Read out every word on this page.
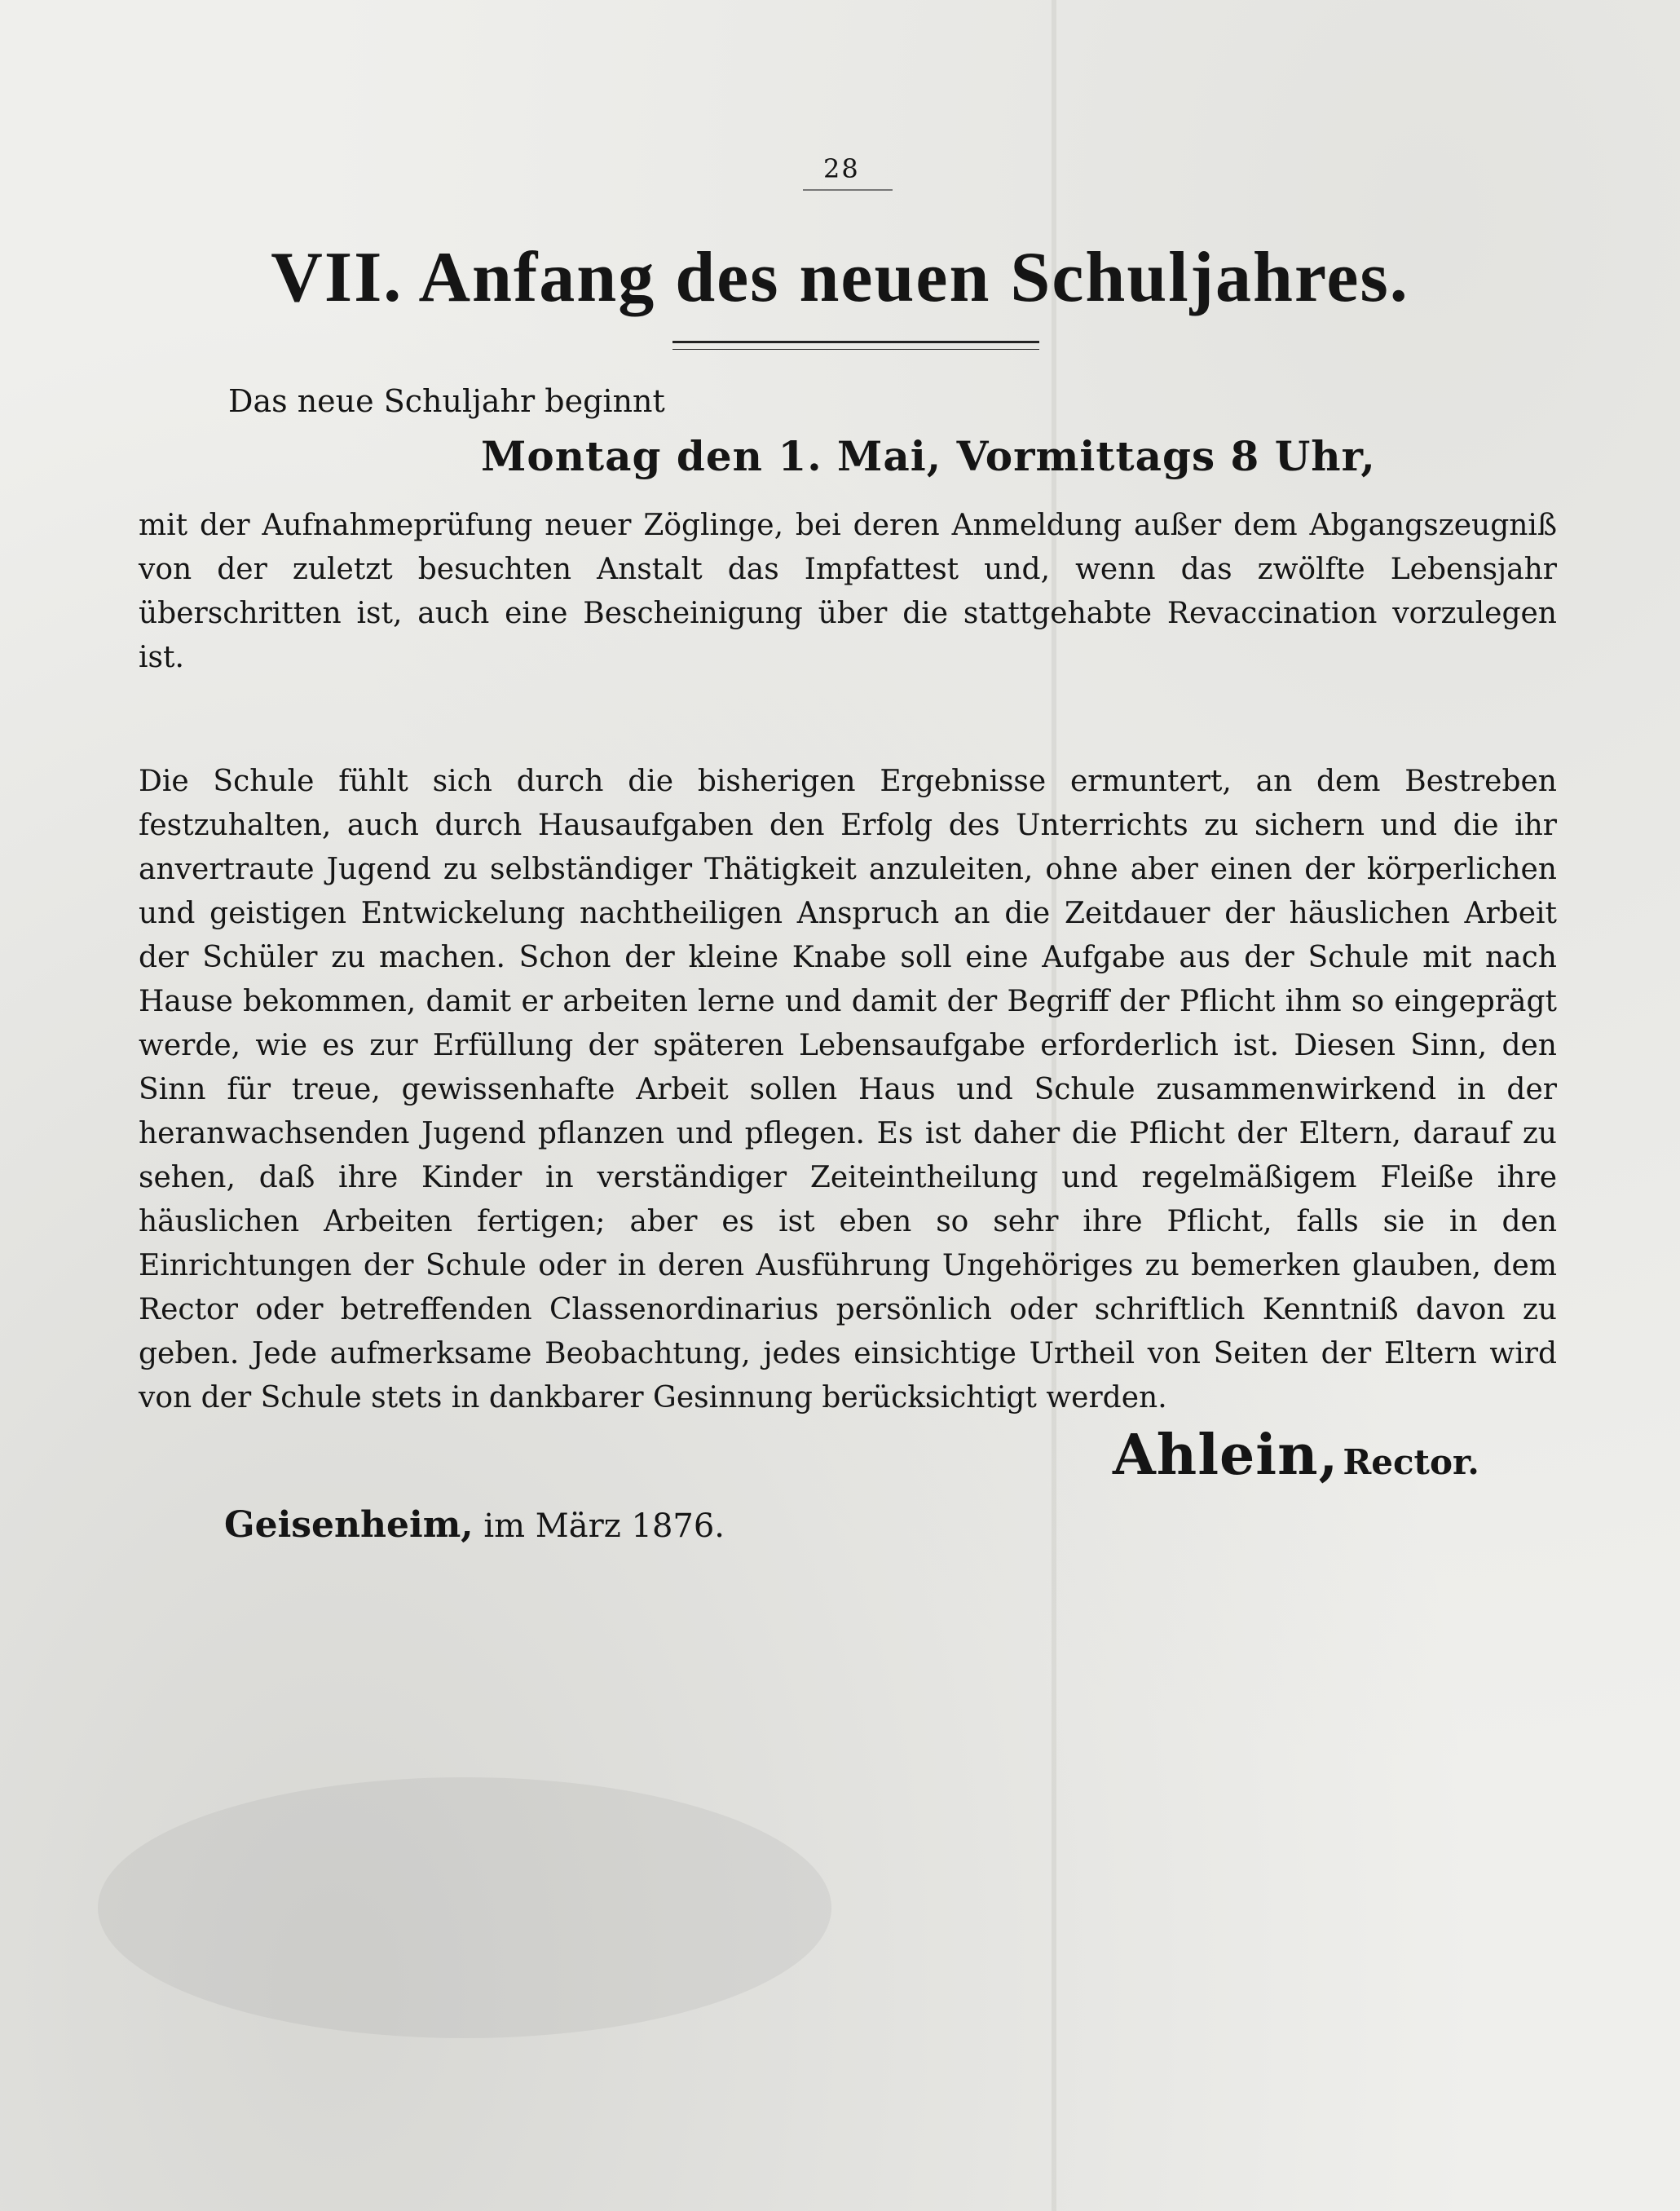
28
VII. Anfang des neuen Schuljahres.
Das neue Schuljahr beginnt
Montag den 1. Mai, Vormittags 8 Uhr,

mit der Aufnahmeprüfung neuer Zöglinge, bei deren Anmeldung außer dem Abgangszeugniß von der zuletzt besuchten Anstalt das Impfattest und, wenn das zwölfte Lebensjahr überschritten ist, auch eine Bescheinigung über die stattgehabte Revaccination vorzulegen ist.

Die Schule fühlt sich durch die bisherigen Ergebnisse ermuntert, an dem Bestreben festzuhalten, auch durch Hausaufgaben den Erfolg des Unterrichts zu sichern und die ihr anvertraute Jugend zu selbständiger Thätigkeit anzuleiten, ohne aber einen der körperlichen und geistigen Entwickelung nachtheiligen Anspruch an die Zeitdauer der häuslichen Arbeit der Schüler zu machen. Schon der kleine Knabe soll eine Aufgabe aus der Schule mit nach Hause bekommen, damit er arbeiten lerne und damit der Begriff der Pflicht ihm so eingeprägt werde, wie es zur Erfüllung der späteren Lebensaufgabe erforderlich ist. Diesen Sinn, den Sinn für treue, gewissenhafte Arbeit sollen Haus und Schule zusammenwirkend in der heranwachsenden Jugend pflanzen und pflegen. Es ist daher die Pflicht der Eltern, darauf zu sehen, daß ihre Kinder in verständiger Zeiteintheilung und regelmäßigem Fleiße ihre häuslichen Arbeiten fertigen; aber es ist eben so sehr ihre Pflicht, falls sie in den Einrichtungen der Schule oder in deren Ausführung Ungehöriges zu bemerken glauben, dem Rector oder betreffenden Classenordinarius persönlich oder schriftlich Kenntniß davon zu geben. Jede aufmerksame Beobachtung, jedes einsichtige Urtheil von Seiten der Eltern wird von der Schule stets in dankbarer Gesinnung berücksichtigt werden.

Ahlein, Rector.
Geisenheim, im März 1876.
